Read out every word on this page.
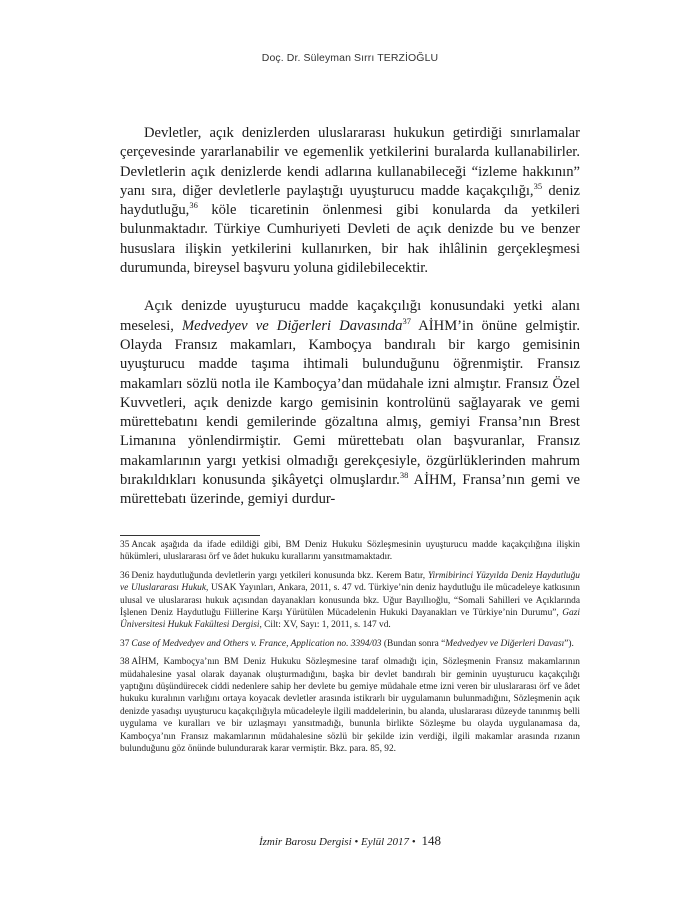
Doç. Dr. Süleyman Sırrı TERZİOĞLU

Devletler, açık denizlerden uluslararası hukukun getirdiği sınırlamalar çerçevesinde yararlanabilir ve egemenlik yetkilerini buralarda kullanabilirler. Devletlerin açık denizlerde kendi adlarına kullanabileceği “izleme hakkının” yanı sıra, diğer devletlerle paylaştığı uyuşturucu madde kaçakçılığı,$^{35}$ deniz haydutluğu,$^{36}$ köle ticaretinin önlenmesi gibi konularda da yetkileri bulunmaktadır. Türkiye Cumhuriyeti Devleti de açık denizde bu ve benzer hususlara ilişkin yetkilerini kullanırken, bir hak ihlâlinin gerçekleşmesi durumunda, bireysel başvuru yoluna gidilebilecektir.

Açık denizde uyuşturucu madde kaçakçılığı konusundaki yetki alanı meselesi, Medvedyev ve Diğerleri Davasında$^{37}$ AİHM’in önüne gelmiştir. Olayda Fransız makamları, Kamboçya bandıralı bir kargo gemisinin uyuşturucu madde taşıma ihtimali bulunduğunu öğrenmiştir. Fransız makamları sözlü notla ile Kamboçya’dan müdahale izni almıştır. Fransız Özel Kuvvetleri, açık denizde kargo gemisinin kontrolünü sağlayarak ve gemi mürettebatını kendi gemilerinde gözaltına almış, gemiyi Fransa’nın Brest Limanına yönlendirmiştir. Gemi mürettebatı olan başvuranlar, Fransız makamlarının yargı yetkisi olmadığı gerekçesiyle, özgürlüklerinden mahrum bırakıldıkları konusunda şikâyetçi olmuşlardır.$^{38}$ AİHM, Fransa’nın gemi ve mürettebatı üzerinde, gemiyi durdur-

35 Ancak aşağıda da ifade edildiği gibi, BM Deniz Hukuku Sözleşmesinin uyuşturucu madde kaçakçılığına ilişkin hükümleri, uluslararası örf ve âdet hukuku kurallarını yansıtmamaktadır.

36 Deniz haydutluğunda devletlerin yargı yetkileri konusunda bkz. Kerem Batır, Yirmibirinci Yüzyılda Deniz Haydutluğu ve Uluslararası Hukuk, USAK Yayınları, Ankara, 2011, s. 47 vd. Türkiye’nin deniz haydutluğu ile mücadeleye katkısının ulusal ve uluslararası hukuk açısından dayanakları konusunda bkz. Uğur Bayıllıoğlu, “Somali Sahilleri ve Açıklarında İşlenen Deniz Haydutluğu Fiillerine Karşı Yürütülen Mücadelenin Hukuki Dayanakları ve Türkiye’nin Durumu”, Gazi Üniversitesi Hukuk Fakültesi Dergisi, Cilt: XV, Sayı: 1, 2011, s. 147 vd.

37 Case of Medvedyev and Others v. France, Application no. 3394/03 (Bundan sonra “Medvedyev ve Diğerleri Davası”).

38 AİHM, Kamboçya’nın BM Deniz Hukuku Sözleşmesine taraf olmadığı için, Sözleşmenin Fransız makamlarının müdahalesine yasal olarak dayanak oluşturmadığını, başka bir devlet bandıralı bir geminin uyuşturucu kaçakçılığı yaptığını düşündürecek ciddi nedenlere sahip her devlete bu gemiye müdahale etme izni veren bir uluslararası örf ve âdet hukuku kuralının varlığını ortaya koyacak devletler arasında istikrarlı bir uygulamanın bulunmadığını, Sözleşmenin açık denizde yasadışı uyuşturucu kaçakçılığıyla mücadeleyle ilgili maddelerinin, bu alanda, uluslararası düzeyde tanınmış belli uygulama ve kuralları ve bir uzlaşmayı yansıtmadığı, bununla birlikte Sözleşme bu olayda uygulanamasa da, Kamboçya’nın Fransız makamlarının müdahalesine sözlü bir şekilde izin verdiği, ilgili makamlar arasında rızanın bulunduğunu göz önünde bulundurarak karar vermiştir. Bkz. para. 85, 92.

İzmir Barosu Dergisi • Eylül 2017 • 148
